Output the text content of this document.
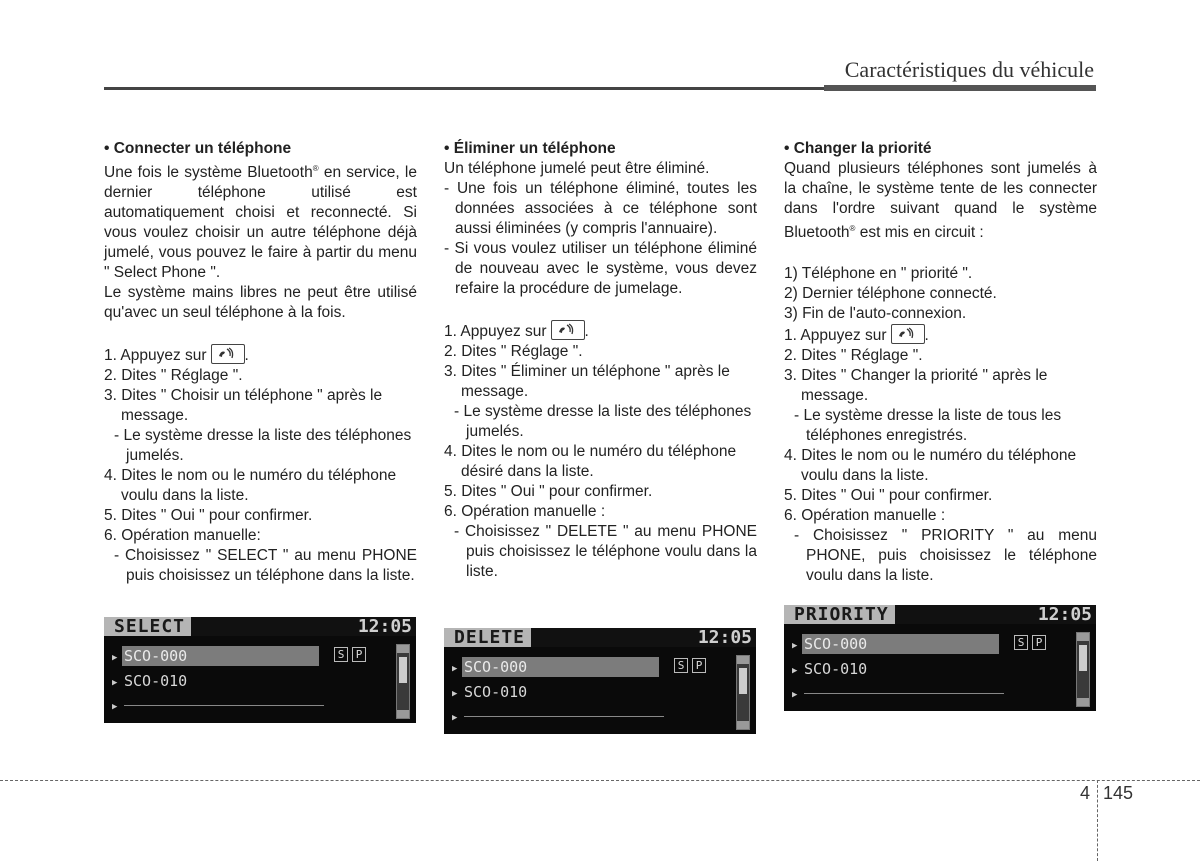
Caractéristiques du véhicule

• Connecter un téléphone

Une fois le système Bluetooth® en service, le dernier téléphone utilisé est automatiquement choisi et reconnecté. Si vous voulez choisir un autre téléphone déjà jumelé, vous pouvez le faire à partir du menu " Select Phone ".

Le système mains libres ne peut être utilisé qu'avec un seul téléphone à la fois.

1. Appuyez sur .

2. Dites " Réglage ".

3. Dites " Choisir un téléphone " après le message.

- Le système dresse la liste des téléphones jumelés.

4. Dites le nom ou le numéro du téléphone voulu dans la liste.

5. Dites " Oui " pour confirmer.

6. Opération manuelle:

- Choisissez " SELECT " au menu PHONE puis choisissez un téléphone dans la liste.

• Éliminer un téléphone

Un téléphone jumelé peut être éliminé.

- Une fois un téléphone éliminé, toutes les données associées à ce téléphone sont aussi éliminées (y compris l'annuaire).

- Si vous voulez utiliser un téléphone éliminé de nouveau avec le système, vous devez refaire la procédure de jumelage.

1. Appuyez sur .

2. Dites " Réglage ".

3. Dites " Éliminer un téléphone " après le message.

- Le système dresse la liste des téléphones jumelés.

4. Dites le nom ou le numéro du téléphone désiré dans la liste.

5. Dites " Oui " pour confirmer.

6. Opération manuelle :

- Choisissez " DELETE " au menu PHONE puis choisissez le téléphone voulu dans la liste.

• Changer la priorité

Quand plusieurs téléphones sont jumelés à la chaîne, le système tente de les connecter dans l'ordre suivant quand le système Bluetooth® est mis en circuit :

1) Téléphone en " priorité ".

2) Dernier téléphone connecté.

3) Fin de l'auto-connexion.

1. Appuyez sur .

2. Dites " Réglage ".

3. Dites " Changer la priorité " après le message.

- Le système dresse la liste de tous les téléphones enregistrés.

4. Dites le nom ou le numéro du téléphone voulu dans la liste.

5. Dites " Oui " pour confirmer.

6. Opération manuelle :

- Choisissez " PRIORITY " au menu PHONE, puis choisissez le téléphone voulu dans la liste.

SELECT	12:05
▶ SCO-000	S P
▶ SCO-010
▶
DELETE	12:05
▶ SCO-000	S P
▶ SCO-010
▶
PRIORITY	12:05
▶ SCO-000	S P
▶ SCO-010
▶
4 145
